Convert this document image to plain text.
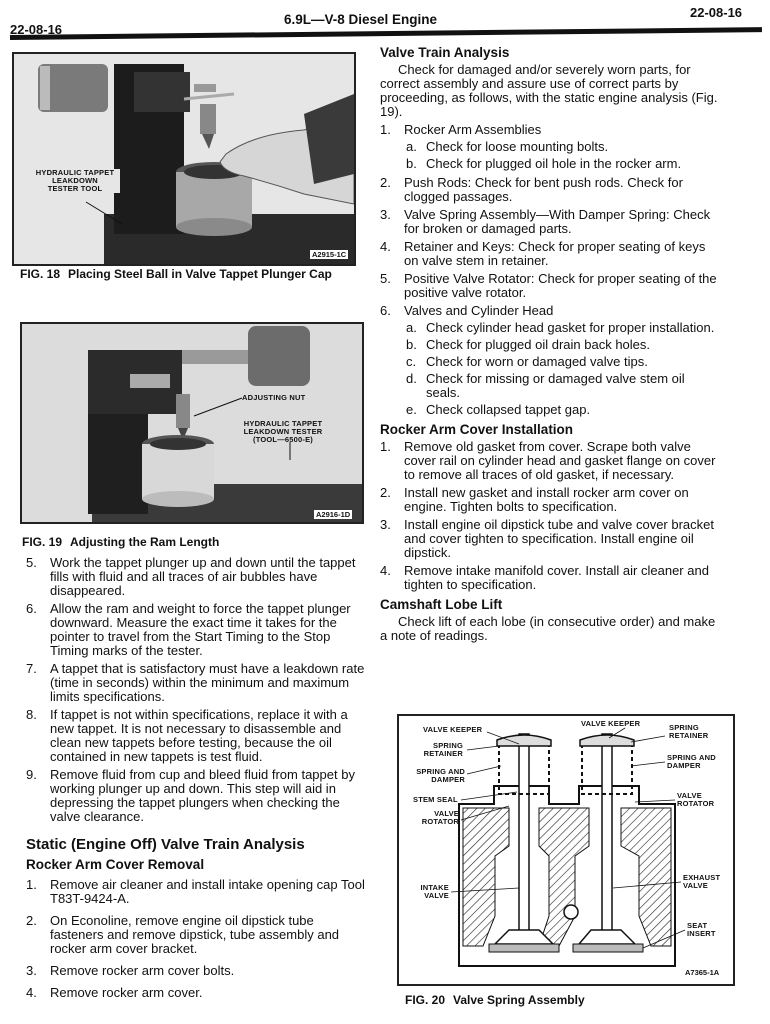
22-08-16
6.9L—V-8 Diesel Engine	22-08-16
HYDRAULIC TAPPET
LEAKDOWN
TESTER TOOL
A2915-1C
FIG. 18 Placing Steel Ball in Valve Tappet Plunger Cap
ADJUSTING NUT
HYDRAULIC TAPPET
LEAKDOWN TESTER
(TOOL—6500-E)
A2916-1D
FIG. 19 Adjusting the Ram Length
5.	Work the tappet plunger up and down until the tappet fills with fluid and all traces of air bubbles have disappeared.
6.	Allow the ram and weight to force the tappet plunger downward. Measure the exact time it takes for the pointer to travel from the Start Timing to the Stop Timing marks of the tester.
7.	A tappet that is satisfactory must have a leakdown rate (time in seconds) within the minimum and maximum limits specifications.
8.	If tappet is not within specifications, replace it with a new tappet. It is not necessary to disassemble and clean new tappets before testing, because the oil contained in new tappets is test fluid.
9.	Remove fluid from cup and bleed fluid from tappet by working plunger up and down. This step will aid in depressing the tappet plungers when checking the valve clearance.
Static (Engine Off) Valve Train Analysis
Rocker Arm Cover Removal
1.	Remove air cleaner and install intake opening cap Tool T83T-9424-A.
2.	On Econoline, remove engine oil dipstick tube fasteners and remove dipstick, tube assembly and rocker arm cover bracket.
3.	Remove rocker arm cover bolts.
4.	Remove rocker arm cover.
Valve Train Analysis
Check for damaged and/or severely worn parts, for correct assembly and assure use of correct parts by proceeding, as follows, with the static engine analysis (Fig. 19).
1.	Rocker Arm Assemblies
a. Check for loose mounting bolts.
b. Check for plugged oil hole in the rocker arm.
2.	Push Rods: Check for bent push rods. Check for clogged passages.
3.	Valve Spring Assembly—With Damper Spring: Check for broken or damaged parts.
4.	Retainer and Keys: Check for proper seating of keys on valve stem in retainer.
5.	Positive Valve Rotator: Check for proper seating of the positive valve rotator.
6.	Valves and Cylinder Head
a. Check cylinder head gasket for proper installation.
b. Check for plugged oil drain back holes.
c. Check for worn or damaged valve tips.
d. Check for missing or damaged valve stem oil seals.
e. Check collapsed tappet gap.
Rocker Arm Cover Installation
1.	Remove old gasket from cover. Scrape both valve cover rail on cylinder head and gasket flange on cover to remove all traces of old gasket, if necessary.
2.	Install new gasket and install rocker arm cover on engine. Tighten bolts to specification.
3.	Install engine oil dipstick tube and valve cover bracket and cover tighten to specification. Install engine oil dipstick.
4.	Remove intake manifold cover. Install air cleaner and tighten to specification.
Camshaft Lobe Lift
Check lift of each lobe (in consecutive order) and make a note of readings.
VALVE KEEPER
VALVE KEEPER
SPRING RETAINER
SPRING RETAINER
SPRING AND DAMPER
SPRING AND DAMPER
STEM SEAL
VALVE ROTATOR
VALVE ROTATOR
INTAKE VALVE
EXHAUST VALVE
SEAT INSERT
A7365-1A
FIG. 20 Valve Spring Assembly
